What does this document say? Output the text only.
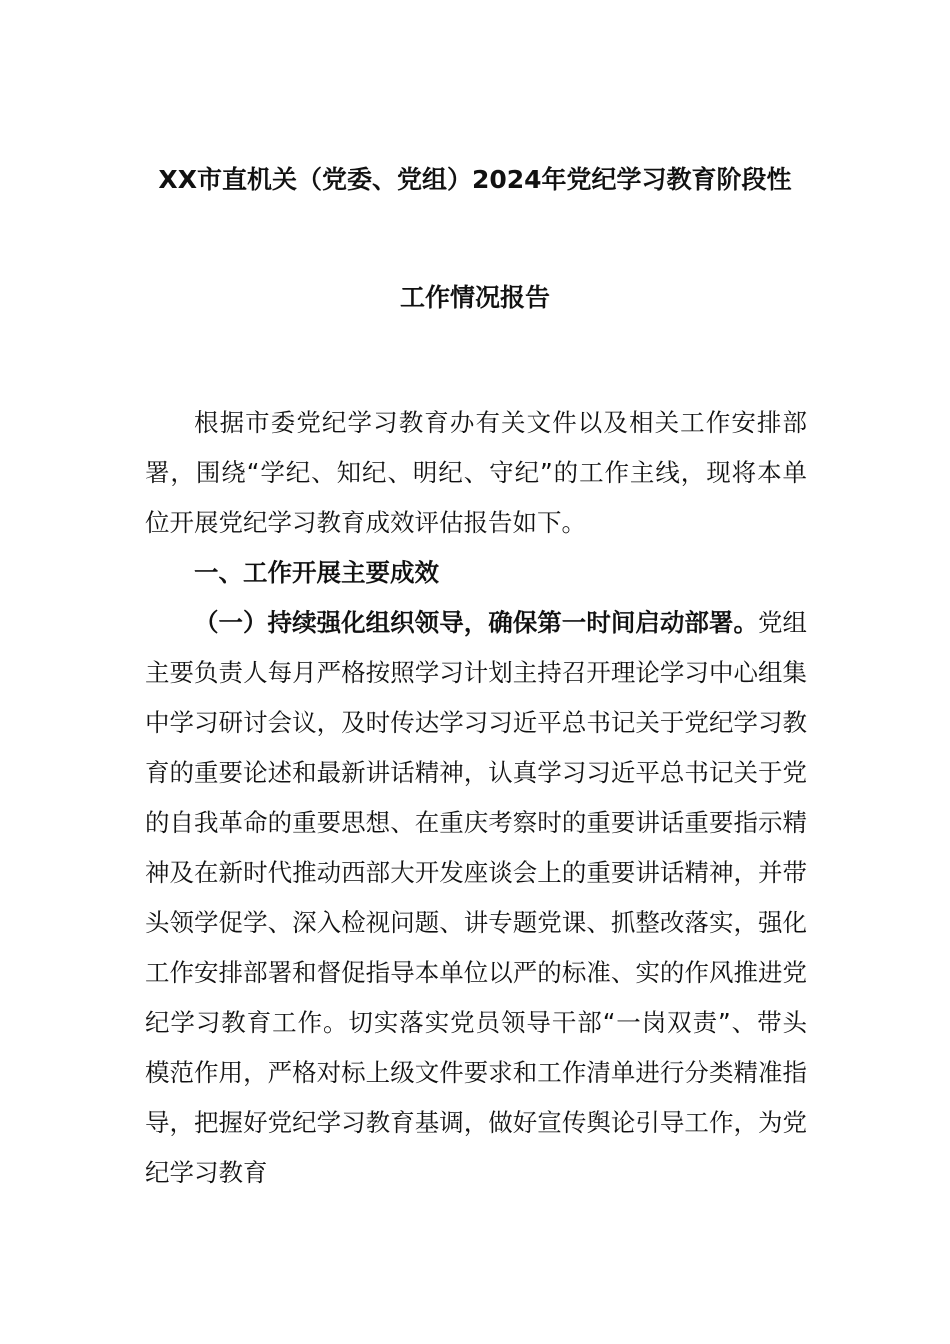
XX市直机关（党委、党组）2024年党纪学习教育阶段性
工作情况报告

根据市委党纪学习教育办有关文件以及相关工作安排部署，围绕“学纪、知纪、明纪、守纪”的工作主线，现将本单位开展党纪学习教育成效评估报告如下。

一、工作开展主要成效

（一）持续强化组织领导，确保第一时间启动部署。党组主要负责人每月严格按照学习计划主持召开理论学习中心组集中学习研讨会议，及时传达学习习近平总书记关于党纪学习教育的重要论述和最新讲话精神，认真学习习近平总书记关于党的自我革命的重要思想、在重庆考察时的重要讲话重要指示精神及在新时代推动西部大开发座谈会上的重要讲话精神，并带头领学促学、深入检视问题、讲专题党课、抓整改落实，强化工作安排部署和督促指导本单位以严的标准、实的作风推进党纪学习教育工作。切实落实党员领导干部“一岗双责”、带头模范作用，严格对标上级文件要求和工作清单进行分类精准指导，把握好党纪学习教育基调，做好宣传舆论引导工作，为党纪学习教育
